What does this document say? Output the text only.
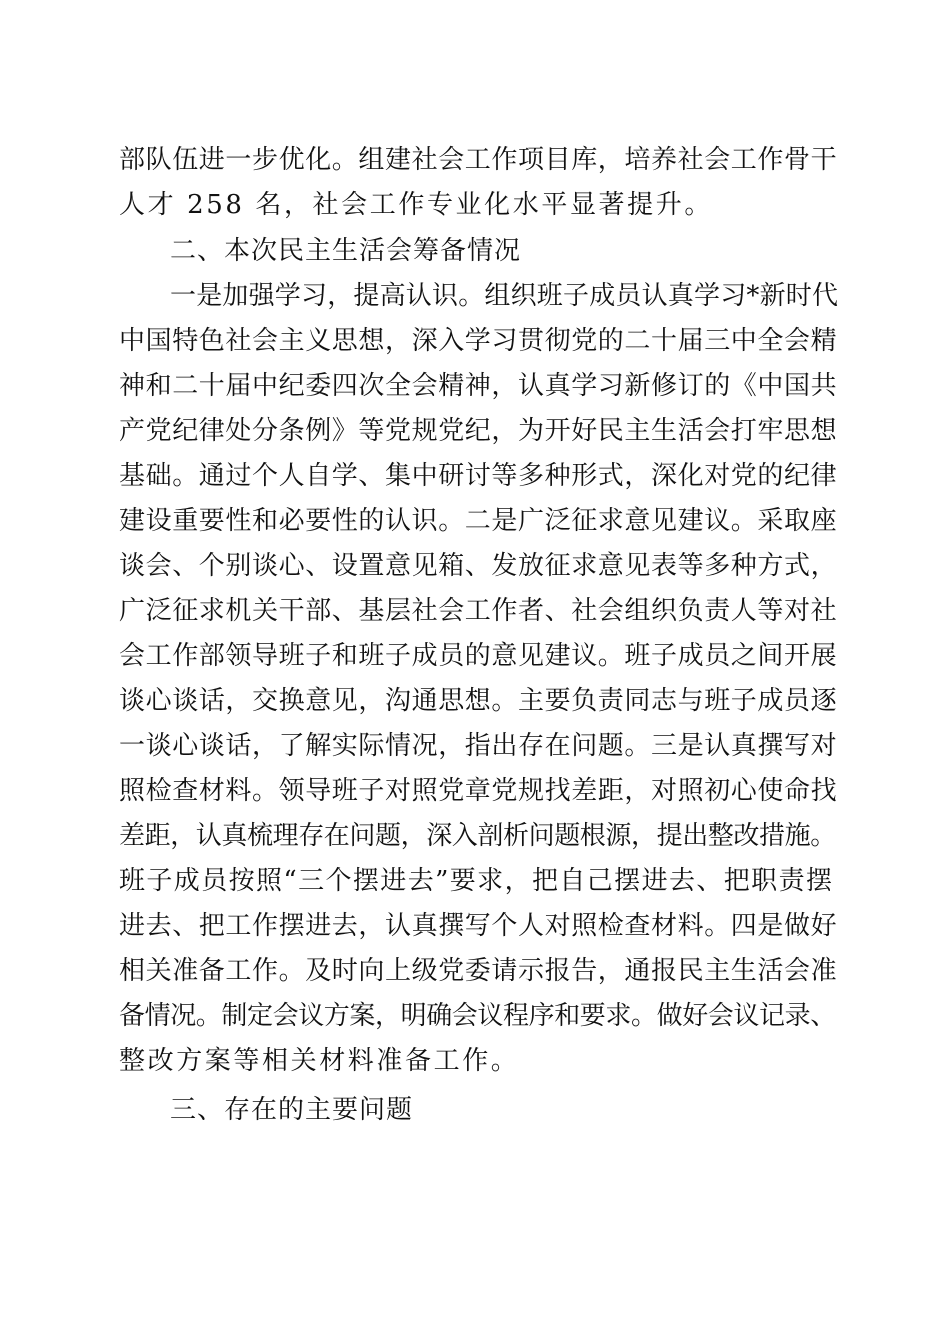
部队伍进一步优化。组建社会工作项目库，培养社会工作骨干
人才 258 名，社会工作专业化水平显著提升。
二、本次民主生活会筹备情况
一是加强学习，提高认识。组织班子成员认真学习*新时代
中国特色社会主义思想，深入学习贯彻党的二十届三中全会精
神和二十届中纪委四次全会精神，认真学习新修订的《中国共
产党纪律处分条例》等党规党纪，为开好民主生活会打牢思想
基础。通过个人自学、集中研讨等多种形式，深化对党的纪律
建设重要性和必要性的认识。二是广泛征求意见建议。采取座
谈会、个别谈心、设置意见箱、发放征求意见表等多种方式，
广泛征求机关干部、基层社会工作者、社会组织负责人等对社
会工作部领导班子和班子成员的意见建议。班子成员之间开展
谈心谈话，交换意见，沟通思想。主要负责同志与班子成员逐
一谈心谈话，了解实际情况，指出存在问题。三是认真撰写对
照检查材料。领导班子对照党章党规找差距，对照初心使命找
差距，认真梳理存在问题，深入剖析问题根源，提出整改措施。
班子成员按照“三个摆进去”要求，把自己摆进去、把职责摆
进去、把工作摆进去，认真撰写个人对照检查材料。四是做好
相关准备工作。及时向上级党委请示报告，通报民主生活会准
备情况。制定会议方案，明确会议程序和要求。做好会议记录、
整改方案等相关材料准备工作。
三、存在的主要问题
